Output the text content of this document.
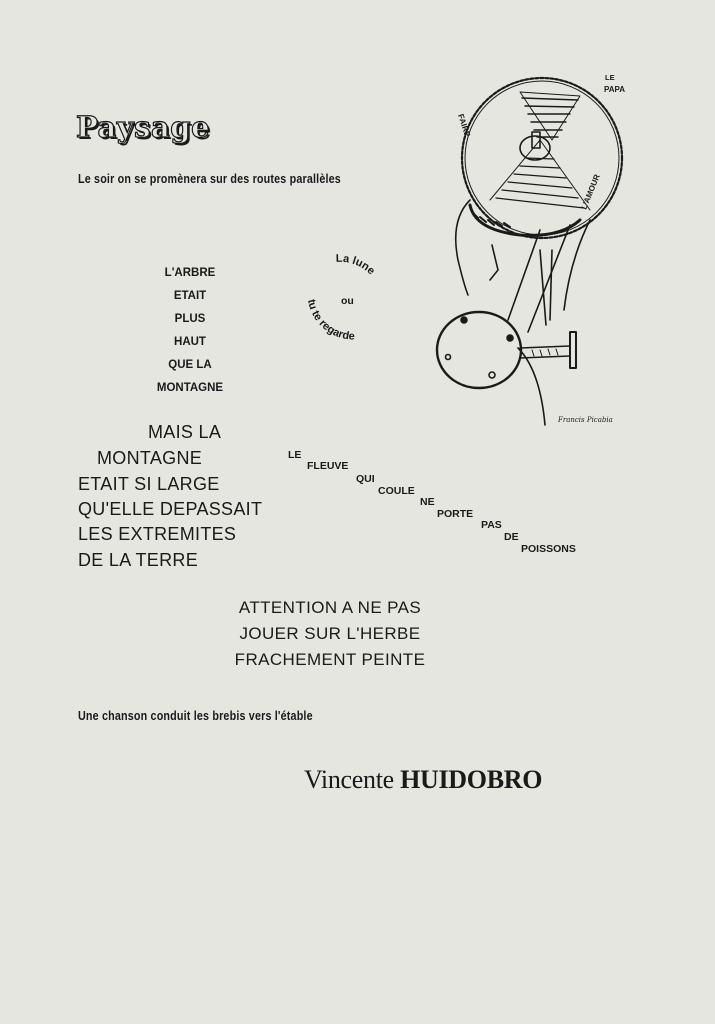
Paysage
Le soir on se promènera sur des routes parallèles
L'ARBRE
ETAIT
PLUS
HAUT
QUE LA
MONTAGNE
La lune
ou
tu te regarde
MAIS LA
MONTAGNE
ETAIT SI LARGE
QU'ELLE DEPASSAIT
LES EXTREMITES
DE LA TERRE
LE
FLEUVE
QUI
COULE
NE
PORTE
PAS
DE
POISSONS
ATTENTION A NE PAS
JOUER SUR L'HERBE
FRACHEMENT PEINTE
Une chanson conduit les brebis vers l'étable
Vincente HUIDOBRO
LE
PAPA
FAIRE
L'AMOUR
Francis Picabia
